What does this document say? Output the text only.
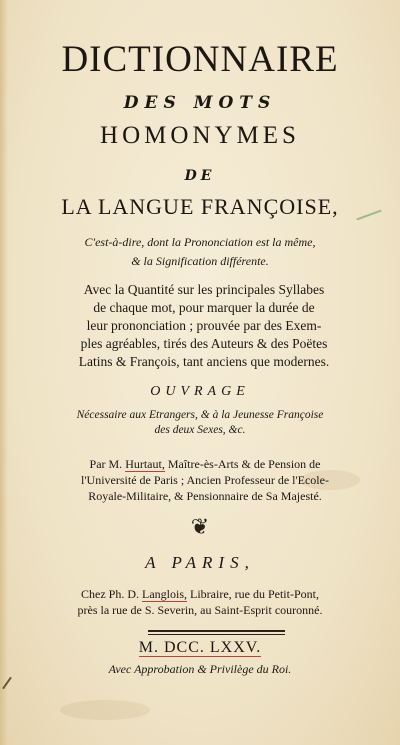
DICTIONNAIRE
DES MOTS
HOMONYMES
DE
LA LANGUE FRANÇOISE,
C'est-à-dire, dont la Prononciation est la même,
& la Signification différente.
Avec la Quantité sur les principales Syllabes
de chaque mot, pour marquer la durée de
leur prononciation ; prouvée par des Exem-
ples agréables, tirés des Auteurs & des Poëtes
Latins & François, tant anciens que modernes.
OUVRAGE
Nécessaire aux Etrangers, & à la Jeunesse Françoise
des deux Sexes, &c.
Par M. Hurtaut, Maître-ès-Arts & de Pension de
l'Université de Paris ; Ancien Professeur de l'Ecole-
Royale-Militaire, & Pensionnaire de Sa Majesté.
❦
A PARIS,
Chez Ph. D. Langlois, Libraire, rue du Petit-Pont,
près la rue de S. Severin, au Saint-Esprit couronné.
M. DCC. LXXV.
Avec Approbation & Privilège du Roi.
